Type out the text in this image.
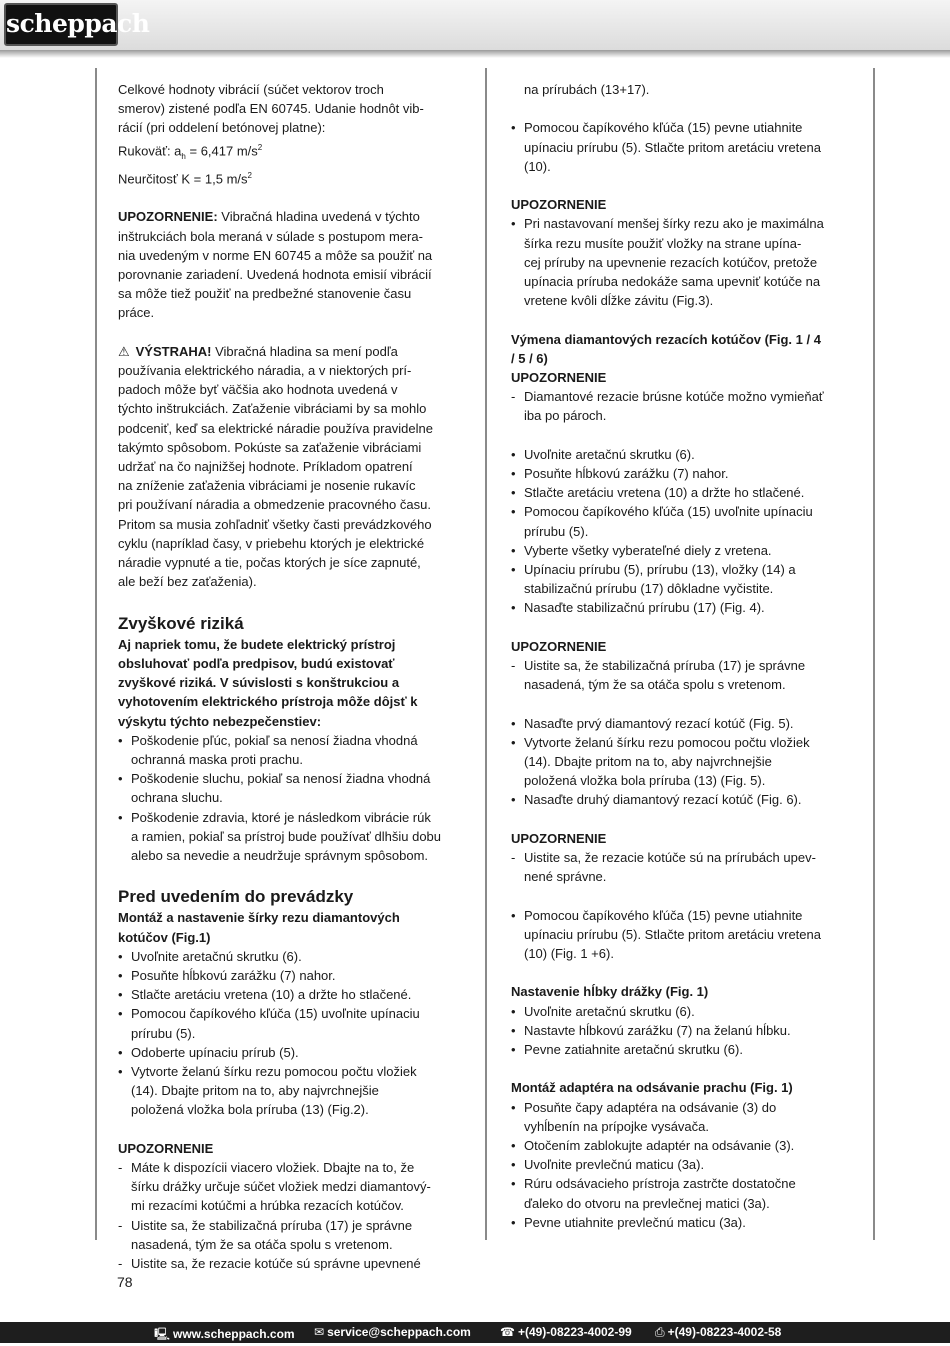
scheppach

Celkové hodnoty vibrácií (súčet vektorov troch

smerov) zistené podľa EN 60745. Udanie hodnôt vib-

rácií (pri oddelení betónovej platne):

Rukoväť: $a_h = 6,417$ $m/s^2$

Neurčitosť K = 1,5 $m/s^2$

UPOZORNENIE: Vibračná hladina uvedená v týchto

inštrukciách bola meraná v súlade s postupom mera-

nia uvedeným v norme EN 60745 a môže sa použiť na

porovnanie zariadení. Uvedená hodnota emisií vibrácií

sa môže tiež použiť na predbežné stanovenie času

práce.

⚠ VÝSTRAHA! Vibračná hladina sa mení podľa

používania elektrického náradia, a v niektorých prí-

padoch môže byť väčšia ako hodnota uvedená v

týchto inštrukciách. Zaťaženie vibráciami by sa mohlo

podceniť, keď sa elektrické náradie používa pravidelne

takýmto spôsobom. Pokúste sa zaťaženie vibráciami

udržať na čo najnižšej hodnote. Príkladom opatrení

na zníženie zaťaženia vibráciami je nosenie rukavíc

pri používaní náradia a obmedzenie pracovného času.

Pritom sa musia zohľadniť všetky časti prevádzkového

cyklu (napríklad časy, v priebehu ktorých je elektrické

náradie vypnuté a tie, počas ktorých je síce zapnuté,

ale beží bez zaťaženia).

Zvyškové riziká

Aj napriek tomu, že budete elektrický prístroj

obsluhovať podľa predpisov, budú existovať

zvyškové riziká. V súvislosti s konštrukciou a

vyhotovením elektrického prístroja môže dôjsť k

výskytu týchto nebezpečenstiev:

• Poškodenie pľúc, pokiaľ sa nenosí žiadna vhodná

ochranná maska proti prachu.

• Poškodenie sluchu, pokiaľ sa nenosí žiadna vhodná

ochrana sluchu.

• Poškodenie zdravia, ktoré je následkom vibrácie rúk

a ramien, pokiaľ sa prístroj bude používať dlhšiu dobu

alebo sa nevedie a neudržuje správnym spôsobom.

Pred uvedením do prevádzky

Montáž a nastavenie šírky rezu diamantových

kotúčov (Fig.1)

• Uvoľnite aretačnú skrutku (6).

• Posuňte hĺbkovú zarážku (7) nahor.

• Stlačte aretáciu vretena (10) a držte ho stlačené.

• Pomocou čapíkového kľúča (15) uvoľnite upínaciu

prírubu (5).

• Odoberte upínaciu prírub (5).

• Vytvorte želanú šírku rezu pomocou počtu vložiek

(14). Dbajte pritom na to, aby najvrchnejšie

položená vložka bola príruba (13) (Fig.2).

UPOZORNENIE

- Máte k dispozícii viacero vložiek. Dbajte na to, že

šírku drážky určuje súčet vložiek medzi diamantový-

mi rezacími kotúčmi a hrúbka rezacích kotúčov.

- Uistite sa, že stabilizačná príruba (17) je správne

nasadená, tým že sa otáča spolu s vretenom.

- Uistite sa, že rezacie kotúče sú správne upevnené

na prírubách (13+17).

• Pomocou čapíkového kľúča (15) pevne utiahnite

upínaciu prírubu (5). Stlačte pritom aretáciu vretena

(10).

UPOZORNENIE

• Pri nastavovaní menšej šírky rezu ako je maximálna

šírka rezu musíte použiť vložky na strane upína-

cej príruby na upevnenie rezacích kotúčov, pretože

upínacia príruba nedokáže sama upevniť kotúče na

vretene kvôli dĺžke závitu (Fig.3).

Výmena diamantových rezacích kotúčov (Fig. 1 / 4

/ 5 / 6)

UPOZORNENIE

- Diamantové rezacie brúsne kotúče možno vymieňať

iba po pároch.

• Uvoľnite aretačnú skrutku (6).

• Posuňte hĺbkovú zarážku (7) nahor.

• Stlačte aretáciu vretena (10) a držte ho stlačené.

• Pomocou čapíkového kľúča (15) uvoľnite upínaciu

prírubu (5).

• Vyberte všetky vyberateľné diely z vretena.

• Upínaciu prírubu (5), prírubu (13), vložky (14) a

stabilizačnú prírubu (17) dôkladne vyčistite.

• Nasaďte stabilizačnú prírubu (17) (Fig. 4).

UPOZORNENIE

- Uistite sa, že stabilizačná príruba (17) je správne

nasadená, tým že sa otáča spolu s vretenom.

• Nasaďte prvý diamantový rezací kotúč (Fig. 5).

• Vytvorte želanú šírku rezu pomocou počtu vložiek

(14). Dbajte pritom na to, aby najvrchnejšie

položená vložka bola príruba (13) (Fig. 5).

• Nasaďte druhý diamantový rezací kotúč (Fig. 6).

UPOZORNENIE

- Uistite sa, že rezacie kotúče sú na prírubách upev-

nené správne.

• Pomocou čapíkového kľúča (15) pevne utiahnite

upínaciu prírubu (5). Stlačte pritom aretáciu vretena

(10) (Fig. 1 +6).

Nastavenie hĺbky drážky (Fig. 1)

• Uvoľnite aretačnú skrutku (6).

• Nastavte hĺbkovú zarážku (7) na želanú hĺbku.

• Pevne zatiahnite aretačnú skrutku (6).

Montáž adaptéra na odsávanie prachu (Fig. 1)

• Posuňte čapy adaptéra na odsávanie (3) do

vyhĺbenín na prípojke vysávača.

• Otočením zablokujte adaptér na odsávanie (3).

• Uvoľnite prevlečnú maticu (3a).

• Rúru odsávacieho prístroja zastrčte dostatočne

ďaleko do otvoru na prevlečnej matici (3a).

• Pevne utiahnite prevlečnú maticu (3a).

78
🖳 www.scheppach.com ✉ service@scheppach.com ☎ +(49)-08223-4002-99 ⎙ +(49)-08223-4002-58
